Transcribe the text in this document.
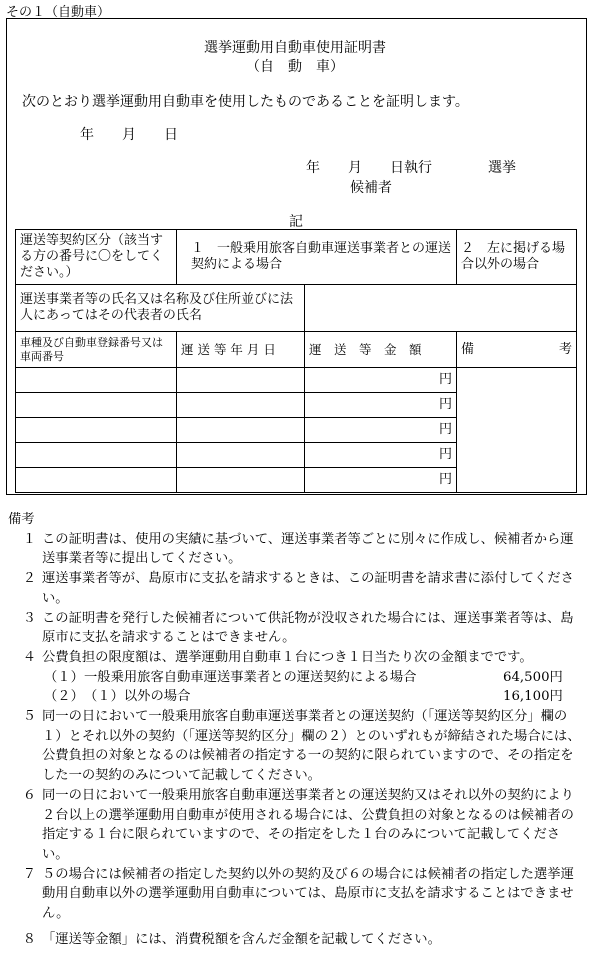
その１（自動車）
選挙運動用自動車使用証明書
（自　動　車）
次のとおり選挙運動用自動車を使用したものであることを証明します。
年　　月　　日
年　　月　　日執行　　　　選挙
候補者
記
運送等契約区分（該当する方の番号に〇をしてください。）	１　一般乗用旅客自動車運送事業者との運送契約による場合		２　左に掲げる場合以外の場合
運送事業者等の氏名又は名称及び住所並びに法人にあってはその代表者の氏名			
車種及び自動車登録番号又は車両番号	運 送 等 年 月 日	運　送　等　金　額	備 考

		円	
		円	
		円	
		円	
		円	
備考
１ この証明書は、使用の実績に基づいて、運送事業者等ごとに別々に作成し、候補者から運送事業者等に提出してください。
２ 運送事業者等が、島原市に支払を請求するときは、この証明書を請求書に添付してください。
３ この証明書を発行した候補者について供託物が没収された場合には、運送事業者等は、島原市に支払を請求することはできません。
４ 公費負担の限度額は、選挙運動用自動車１台につき１日当たり次の金額までです。
（１） 一般乗用旅客自動車運送事業者との運送契約による場合	64,500円
（２） （１）以外の場合	16,100円
５ 同一の日において一般乗用旅客自動車運送事業者との運送契約（「運送等契約区分」欄の１）とそれ以外の契約（「運送等契約区分」欄の２）とのいずれもが締結された場合には、公費負担の対象となるのは候補者の指定する一の契約に限られていますので、その指定をした一の契約のみについて記載してください。
６ 同一の日において一般乗用旅客自動車運送事業者との運送契約又はそれ以外の契約により２台以上の選挙運動用自動車が使用される場合には、公費負担の対象となるのは候補者の指定する１台に限られていますので、その指定をした１台のみについて記載してください。
７ ５の場合には候補者の指定した契約以外の契約及び６の場合には候補者の指定した選挙運動用自動車以外の選挙運動用自動車については、島原市に支払を請求することはできません。
８ 「運送等金額」には、消費税額を含んだ金額を記載してください。
